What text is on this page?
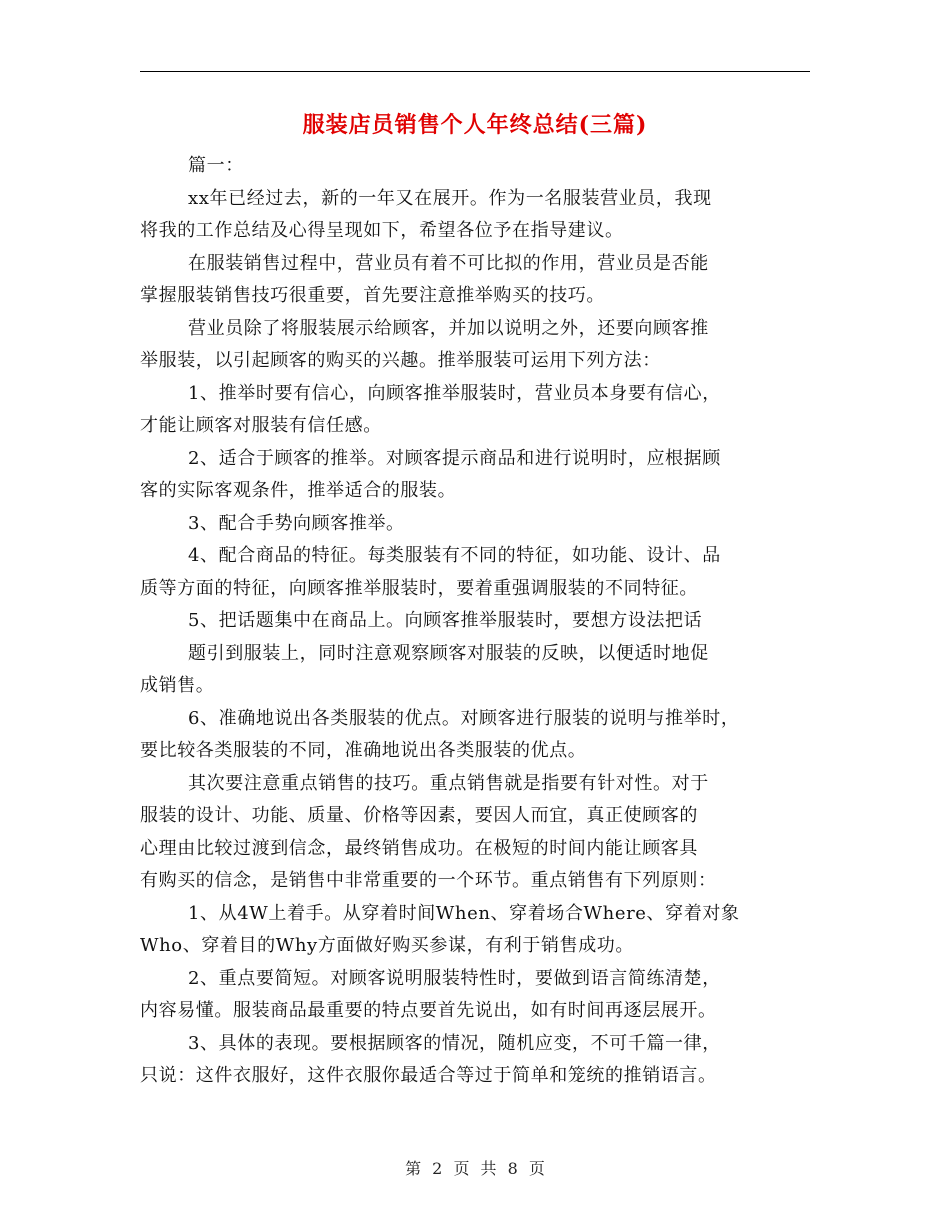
服装店员销售个人年终总结(三篇)
篇一：
xx年已经过去，新的一年又在展开。作为一名服装营业员，我现
将我的工作总结及心得呈现如下，希望各位予在指导建议。
在服装销售过程中，营业员有着不可比拟的作用，营业员是否能
掌握服装销售技巧很重要，首先要注意推举购买的技巧。
营业员除了将服装展示给顾客，并加以说明之外，还要向顾客推
举服装，以引起顾客的购买的兴趣。推举服装可运用下列方法：
1、推举时要有信心，向顾客推举服装时，营业员本身要有信心，
才能让顾客对服装有信任感。
2、适合于顾客的推举。对顾客提示商品和进行说明时，应根据顾
客的实际客观条件，推举适合的服装。
3、配合手势向顾客推举。
4、配合商品的特征。每类服装有不同的特征，如功能、设计、品
质等方面的特征，向顾客推举服装时，要着重强调服装的不同特征。
5、把话题集中在商品上。向顾客推举服装时，要想方设法把话
题引到服装上，同时注意观察顾客对服装的反映，以便适时地促
成销售。
6、准确地说出各类服装的优点。对顾客进行服装的说明与推举时，
要比较各类服装的不同，准确地说出各类服装的优点。
其次要注意重点销售的技巧。重点销售就是指要有针对性。对于
服装的设计、功能、质量、价格等因素，要因人而宜，真正使顾客的
心理由比较过渡到信念，最终销售成功。在极短的时间内能让顾客具
有购买的信念，是销售中非常重要的一个环节。重点销售有下列原则：
1、从4W上着手。从穿着时间When、穿着场合Where、穿着对象
Who、穿着目的Why方面做好购买参谋，有利于销售成功。
2、重点要简短。对顾客说明服装特性时，要做到语言简练清楚，
内容易懂。服装商品最重要的特点要首先说出，如有时间再逐层展开。
3、具体的表现。要根据顾客的情况，随机应变，不可千篇一律，
只说：这件衣服好，这件衣服你最适合等过于简单和笼统的推销语言。
第 2 页 共 8 页
